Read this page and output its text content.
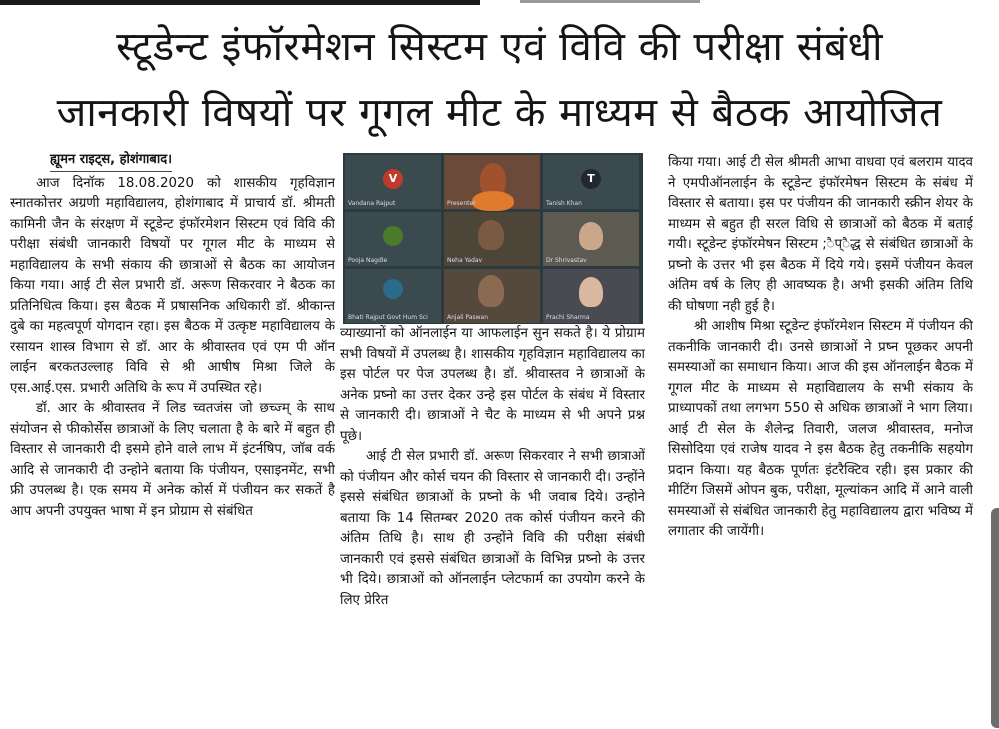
स्टूडेन्ट इंफॉरमेशन सिस्टम एवं विवि की परीक्षा संबंधी
जानकारी विषयों पर गूगल मीट के माध्यम से बैठक आयोजित

ह्यूमन राइट्स, होशंगाबाद।

आज दिनॉक 18.08.2020 को शासकीय गृहविज्ञान स्नातकोत्तर अग्रणी महाविद्यालय, होशंगाबाद में प्राचार्य डॉ. श्रीमती कामिनी जैन के संरक्षण में स्टूडेन्ट इंफॉरमेशन सिस्टम एवं विवि की परीक्षा संबंधी जानकारी विषयों पर गूगल मीट के माध्यम से महाविद्यालय के सभी संकाय की छात्राओं से बैठक का आयोजन किया गया। आई टी सेल प्रभारी डॉ. अरूण सिकरवार ने बैठक का प्रतिनिधित्व किया। इस बैठक में प्रषासनिक अधिकारी डॉ. श्रीकान्त दुबे का महत्वपूर्ण योगदान रहा। इस बैठक में उत्कृष्ट महाविद्यालय के रसायन शास्त्र विभाग से डॉ. आर के श्रीवास्तव एवं एम पी ऑन लाईन बरकतउल्लाह विवि से श्री आषीष मिश्रा जिले के एस.आई.एस. प्रभारी अतिथि के रूप में उपस्थित रहे।

डॉ. आर के श्रीवास्तव नें लिड च्वतजंस जो छच्ज्म् के साथ संयोजन से फीकोर्सेस छात्राओं के लिए चलाता है के बारे में बहुत ही विस्तार से जानकारी दी इसमे होने वाले लाभ में इंटर्नषिप, जॉब वर्क आदि से जानकारी दी उन्होने बताया कि पंजीयन, एसाइनमेंट, सभी फ्री उपलब्ध है। एक समय में अनेक कोर्स में पंजीयन कर सकतें है आप अपनी उपयुक्त भाषा में इन प्रोग्राम से संबंधित

V
Vandana Rajput	Presenter
T
Tanish Khan
Pooja Nagdle	Neha Yadav	Dr Shrivastav
Bhati Rajput Govt Hum Sci	Anjali Paswan	Prachi Sharma

व्याख्यानों को ऑनलाईन या आफलाईन सुन सकते है। ये प्रोग्राम सभी विषयों में उपलब्ध है। शासकीय गृहविज्ञान महाविद्यालय का इस पोर्टल पर पेज उपलब्ध है। डॉ. श्रीवास्तव ने छात्राओं के अनेक प्रष्नो का उत्तर देकर उन्हे इस पोर्टल के संबंध में विस्तार से जानकारी दी। छात्राओं ने चैट के माध्यम से भी अपने प्रश्न पूछे।

आई टी सेल प्रभारी डॉ. अरूण सिकरवार ने सभी छात्राओं को पंजीयन और कोर्स चयन की विस्तार से जानकारी दी। उन्होंने इससे संबंधित छात्राओं के प्रष्नो के भी जवाब दिये। उन्होने बताया कि 14 सितम्बर 2020 तक कोर्स पंजीयन करने की अंतिम तिथि है। साथ ही उन्होंने विवि की परीक्षा संबंधी जानकारी एवं इससे संबंधित छात्राओं के विभिन्न प्रष्नो के उत्तर भी दिये। छात्राओं को ऑनलाईन प्लेटफार्म का उपयोग करने के लिए प्रेरित

किया गया। आई टी सेल श्रीमती आभा वाधवा एवं बलराम यादव ने एमपीऑनलाईन के स्टूडेन्ट इंफॉरमेषन सिस्टम के संबंध में विस्तार से बताया। इस पर पंजीयन की जानकारी स्क्रीन शेयर के माध्यम से बहुत ही सरल विधि से छात्राओं को बैठक में बताई गयी। स्टूडेन्ट इंफॉरमेषन सिस्टम ;ैप्ैद्ध से संबंधित छात्राओं के प्रष्नो के उत्तर भी इस बैठक में दिये गये। इसमें पंजीयन केवल अंतिम वर्ष के लिए ही आवष्यक है। अभी इसकी अंतिम तिथि की घोषणा नही हुई है।

श्री आशीष मिश्रा स्टूडेन्ट इंफॉरमेशन सिस्टम में पंजीयन की तकनीकि जानकारी दी। उनसे छात्राओं ने प्रष्न पूछकर अपनी समस्याओं का समाधान किया। आज की इस ऑनलाईन बैठक में गूगल मीट के माध्यम से महाविद्यालय के सभी संकाय के प्राध्यापकों तथा लगभग 550 से अधिक छात्राओं ने भाग लिया। आई टी सेल के शैलेन्द्र तिवारी, जलज श्रीवास्तव, मनोज सिसोदिया एवं राजेष यादव ने इस बैठक हेतु तकनीकि सहयोग प्रदान किया। यह बैठक पूर्णतः इंटरैक्टिव रही। इस प्रकार की मीटिंग जिसमें ओपन बुक, परीक्षा, मूल्यांकन आदि में आने वाली समस्याओं से संबंधित जानकारी हेतु महाविद्यालय द्वारा भविष्य में लगातार की जायेंगी।
